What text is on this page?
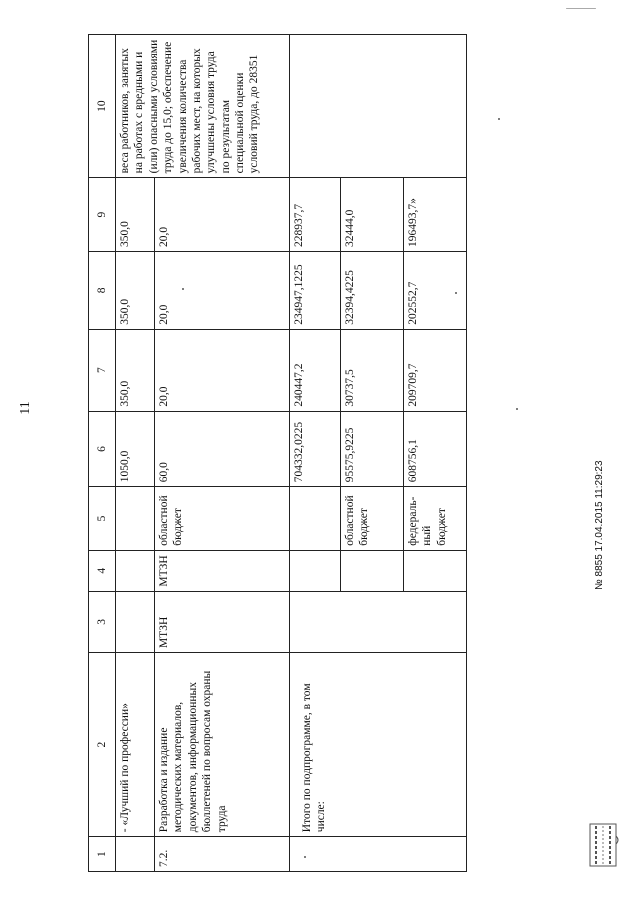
11
1	2	3	4	5	6	7	8	9	10
	- «Лучший по профессии»				1050,0	350,0	350,0	350,0	веса работников, занятых на работах с вредными и (или) опасными условиями труда до 15,0; обеспечение увеличения количества рабочих мест, на которых улучшены условия труда по результатам специальной оценки условий труда, до 28351
7.2.	Разработка и издание методических материалов, документов, информационных бюллетеней по вопросам охраны труда	МТЗН	МТЗН	областной бюджет	60,0	20,0	20,0	20,0	
	Итого по подпрограмме, в том числе:				704332,0225	240447,2	234947,1225	228937,7	
				областной бюджет	95575,9225	30737,5	32394,4225	32444,0	
				федераль-ный бюджет	608756,1	209709,7	202552,7	196493,7»	
№ 8855 17.04.2015 11:29:23
